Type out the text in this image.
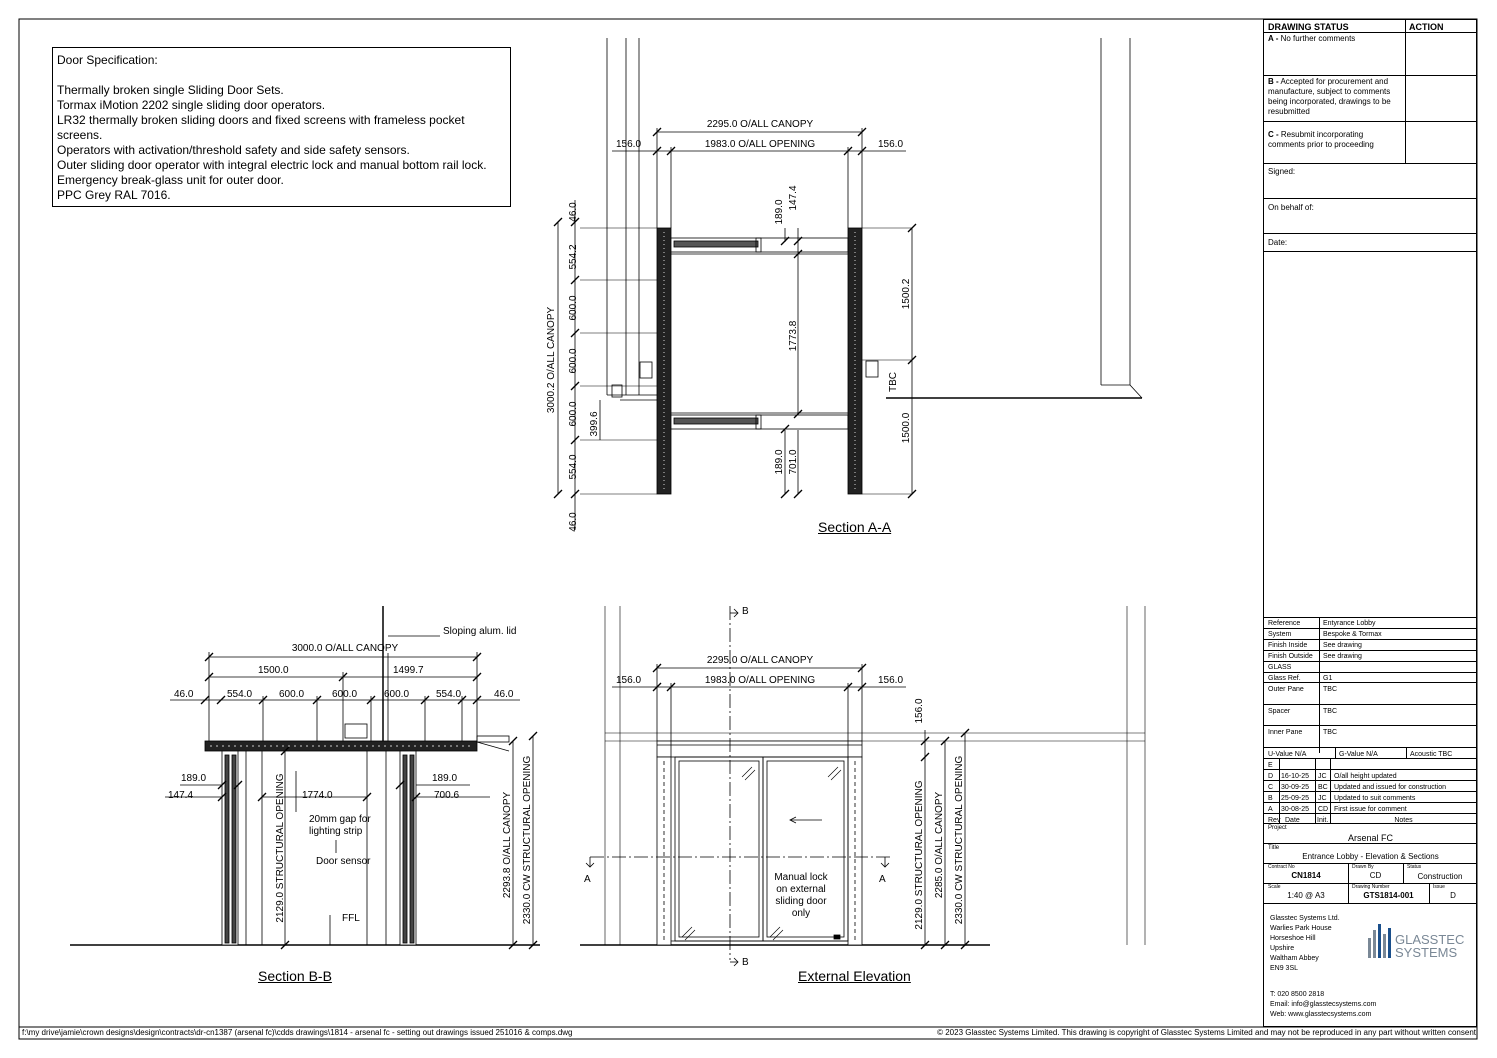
Door Specification:
Thermally broken single Sliding Door Sets.
Tormax iMotion 2202 single sliding door operators.
LR32 thermally broken sliding doors and fixed screens with frameless pocket screens.
Operators with activation/threshold safety and side safety sensors.
Outer sliding door operator with integral electric lock and manual bottom rail lock.
Emergency break-glass unit for outer door.
PPC Grey RAL 7016.
2295.0 O/ALL CANOPY
1983.0 O/ALL OPENING
156.0	156.0
46.0
554.2
600.0
600.0
600.0
554.0
46.0
3000.2 O/ALL CANOPY
399.6
189.0
147.4
1773.8
189.0 701.0
1500.2
1500.0
TBC
Section A-A
3000.0 O/ALL CANOPY
1500.0	1499.7
46.0	554.0	600.0	600.0	600.0	554.0	46.0
189.0
147.4	1774.0
189.0
700.6
Sloping alum. lid
20mm gap for lighting strip
Door sensor
FFL
2129.0 STRUCTURAL OPENING	2293.8 O/ALL CANOPY 2330.0 CW STRUCTURAL OPENING
Section B-B
2295.0 O/ALL CANOPY
1983.0 O/ALL OPENING
156.0	156.0
B
B
A	A
Manual lock on external sliding door only
156.0
2129.0 STRUCTURAL OPENING 2285.0 O/ALL CANOPY 2330.0 CW STRUCTURAL OPENING
External Elevation
DRAWING STATUS	ACTION
A - No further comments
B - Accepted for procurement and manufacture, subject to comments being incorporated, drawings to be resubmitted
C - Resubmit incorporating comments prior to proceeding
Signed:
On behalf of:
Date:
Reference	Entyrance Lobby
System	Bespoke & Tormax
Finish Inside	See drawing
Finish Outside	See drawing
GLASS
Glass Ref.	G1
Outer Pane	TBC
Spacer	TBC
Inner Pane	TBC
U-Value N/A	G-Value N/A	Acoustic TBC
E
D	16-10-25	JC	O/all height updated
C	30-09-25	BC Updated and issued for construction
B	25-09-25	JC	Updated to suit comments
A	30-08-25	CD First issue for comment
Rev Date	Init.	Notes
Project
Arsenal FC
Title
Entrance Lobby - Elevation & Sections
Contract No
CN1814
Drawn By
CD
Status
Construction
Scale
1:40 @ A3
Drawing Number
GTS1814-001
Issue
D
Glasstec Systems Ltd.
Warlies Park House
Horseshoe Hill
Upshire
Waltham Abbey
EN9 3SL
GLASSTEC
SYSTEMS
T: 020 8500 2818
Email: info@glasstecsystems.com
Web: www.glasstecsystems.com
f:\my drive\jamie\crown designs\design\contracts\dr-cn1387 (arsenal fc)\cdds drawings\1814 - arsenal fc - setting out drawings issued 251016 & comps.dwg	© 2023 Glasstec Systems Limited. This drawing is copyright of Glasstec Systems Limited and may not be reproduced in any part without written consent
